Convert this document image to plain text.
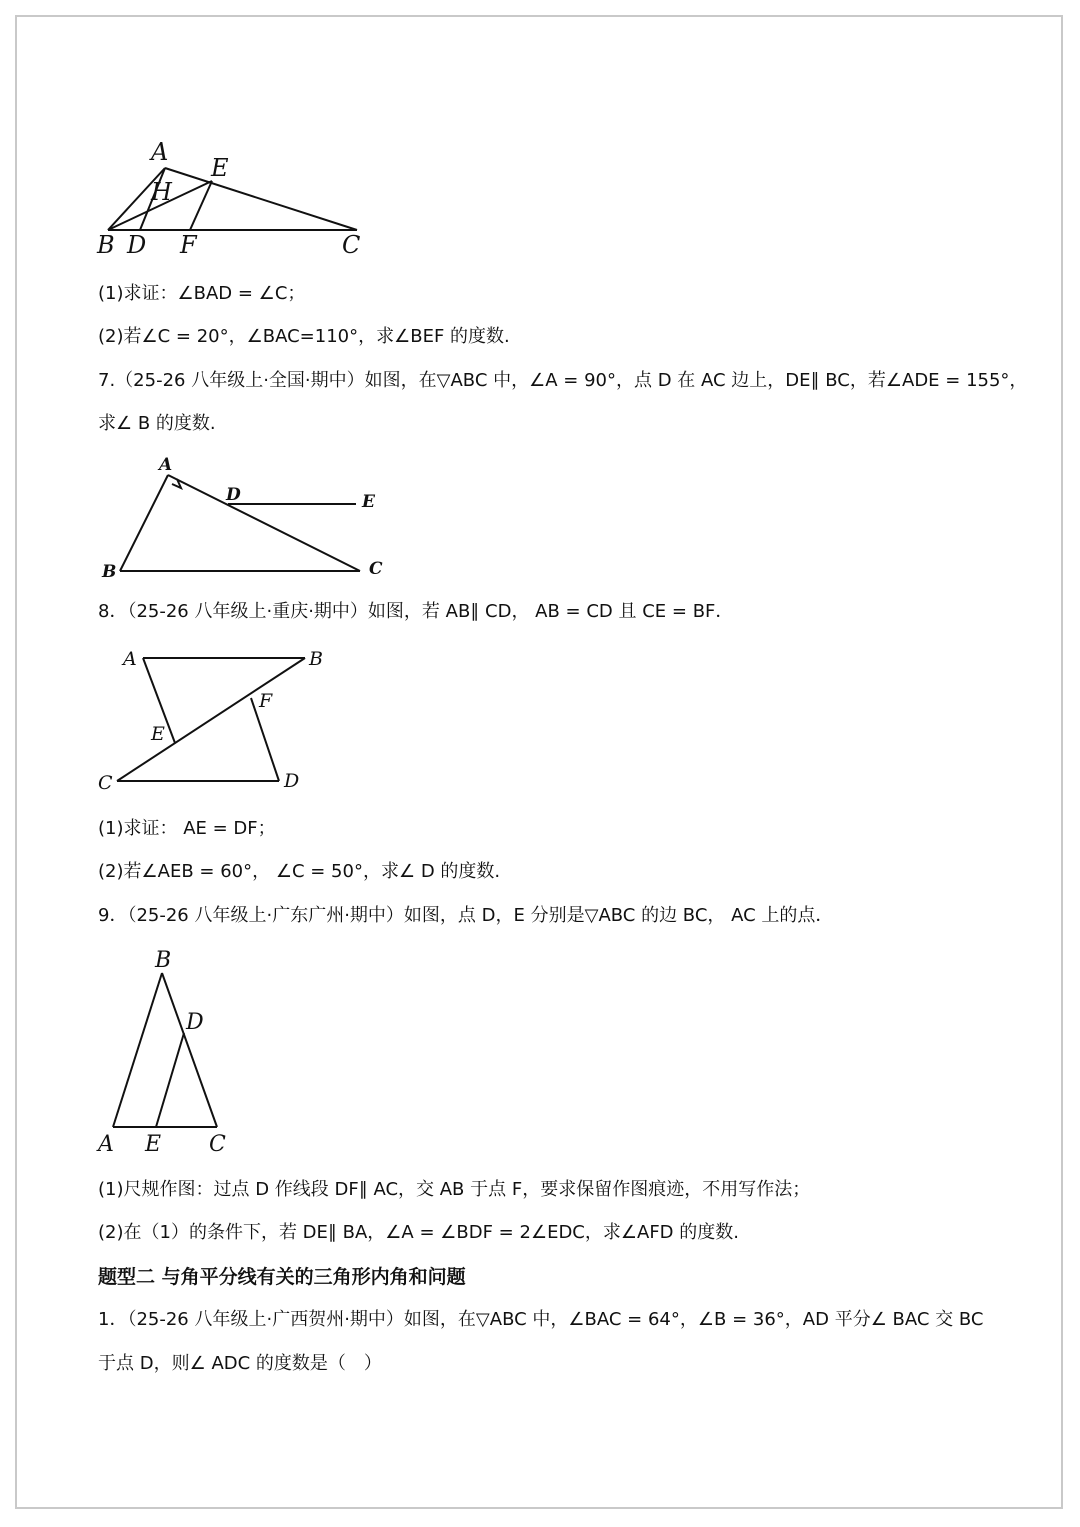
A
E
H
B D F	C
(1)求证：∠BAD = ∠C；
(2)若∠C = 20°，∠BAC=110°，求∠BEF 的度数.
7.（25-26 八年级上·全国·期中）如图，在▽ABC 中，∠A = 90°，点 D 在 AC 边上，DE∥ BC，若∠ADE = 155°，
求∠ B 的度数.
A
D	E
B	C
8．（25-26 八年级上·重庆·期中）如图，若 AB∥ CD， AB = CD 且 CE = BF．
A	B
F
E
C	D
(1)求证： AE = DF；
(2)若∠AEB = 60°， ∠C = 50°，求∠ D 的度数.
9．（25-26 八年级上·广东广州·期中）如图，点 D，E 分别是▽ABC 的边 BC， AC 上的点．
B
D
A E C
(1)尺规作图：过点 D 作线段 DF∥ AC，交 AB 于点 F，要求保留作图痕迹，不用写作法；
(2)在（1）的条件下，若 DE∥ BA，∠A = ∠BDF = 2∠EDC，求∠AFD 的度数.
题型二 与角平分线有关的三角形内角和问题
1．（25-26 八年级上·广西贺州·期中）如图，在▽ABC 中，∠BAC = 64°，∠B = 36°，AD 平分∠ BAC 交 BC
于点 D，则∠ ADC 的度数是（　）
